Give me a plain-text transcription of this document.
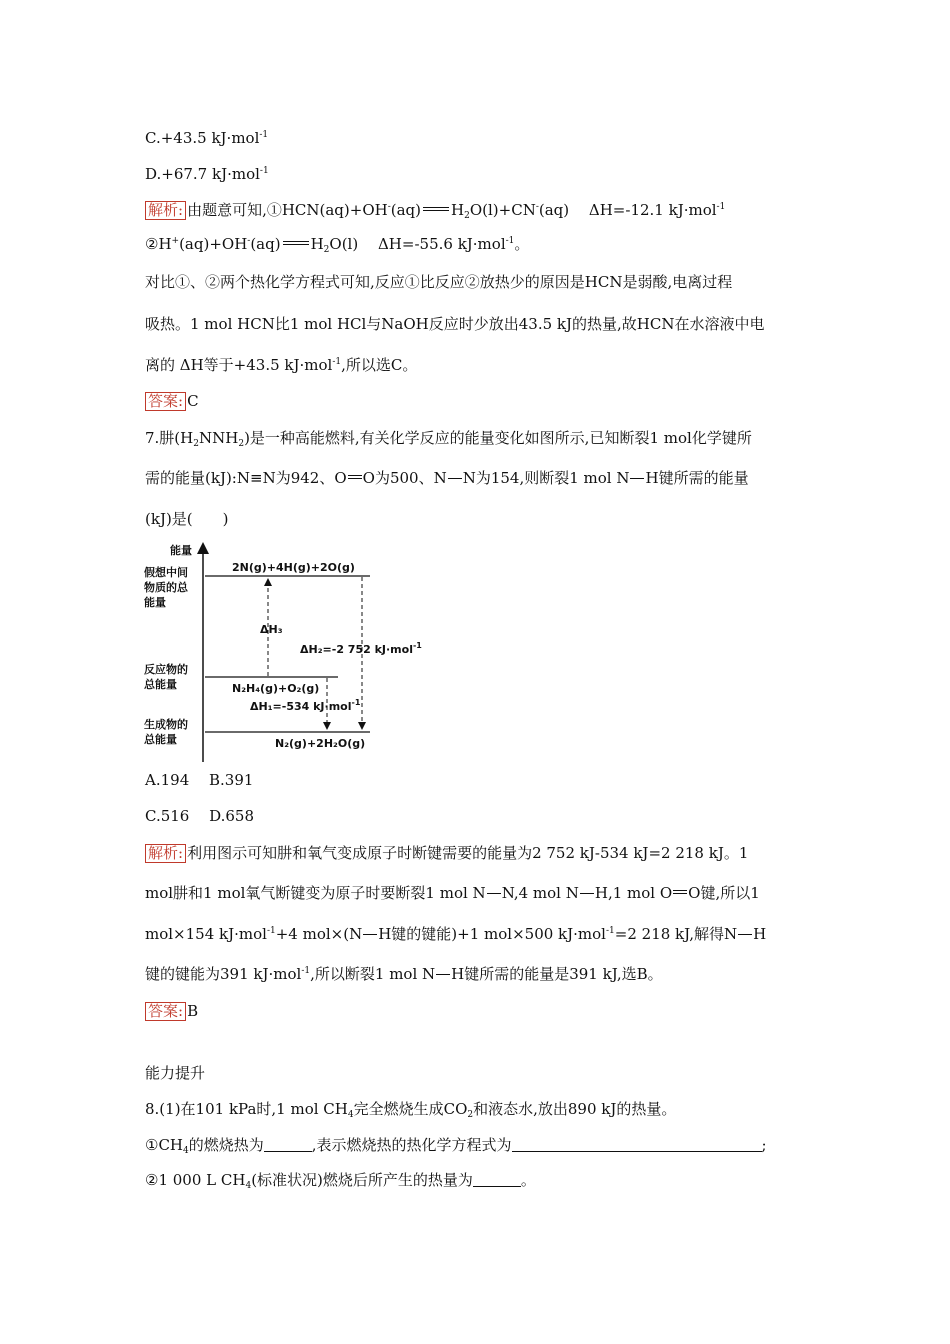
C.+43.5 kJ·mol$^{-1}$
D.+67.7 kJ·mol$^{-1}$
解析: 由题意可知,①HCN(aq)+OH-(aq) $H_2O(l)+CN^-(aq)$　 ΔH=-12.1 kJ·mol$^{-1}$
②H+(aq)+OH-(aq) $H_2O(l)$　 ΔH=-55.6 kJ·mol$^{-1}$。
对比①、②两个热化学方程式可知,反应①比反应②放热少的原因是HCN是弱酸,电离过程
吸热。1 mol HCN比1 mol HCl与NaOH反应时少放出43.5 kJ的热量,故HCN在水溶液中电
离的 ΔH等于+43.5 kJ·mol$^{-1}$,所以选C。
答案: C
7.肼$(H_2NNH_2)$是一种高能燃料,有关化学反应的能量变化如图所示,已知断裂1 mol化学键所
需的能量(kJ):N≡N为942、O O为500、N N为154,则断裂1 mol N H键所需的能量
(kJ)是(　　)
能量
假想中间
物质的总
能量
反应物的
总能量
生成物的
总能量
2N(g)+4H(g)+2O(g)
N₂H₄(g)+O₂(g)
N₂(g)+2H₂O(g)
ΔH₃
ΔH₂=-2 752 kJ·mol$^{-1}$
ΔH₁=-534 kJ·mol$^{-1}$
A.194　 B.391
C.516　 D.658
解析: 利用图示可知肼和氧气变成原子时断键需要的能量为2 752 kJ-534 kJ=2 218 kJ。1
mol肼和1 mol氧气断键变为原子时要断裂1 mol N N,4 mol N H,1 mol O O键,所以1
mol×154 kJ·mol$^{-1}$+4 mol×(N H键的键能)+1 mol×500 kJ·mol$^{-1}$=2 218 kJ,解得N H
键的键能为391 kJ·mol$^{-1}$,所以断裂1 mol N H键所需的能量是391 kJ,选B。
答案: B
能力提升
8.(1)在101 kPa时,1 mol $CH_4$完全燃烧生成$CO_2$和液态水,放出890 kJ的热量。
$①CH_4$的燃烧热为	,表示燃烧热的热化学方程式为	;
②1 000 L $CH_4$(标准状况)燃烧后所产生的热量为	。
